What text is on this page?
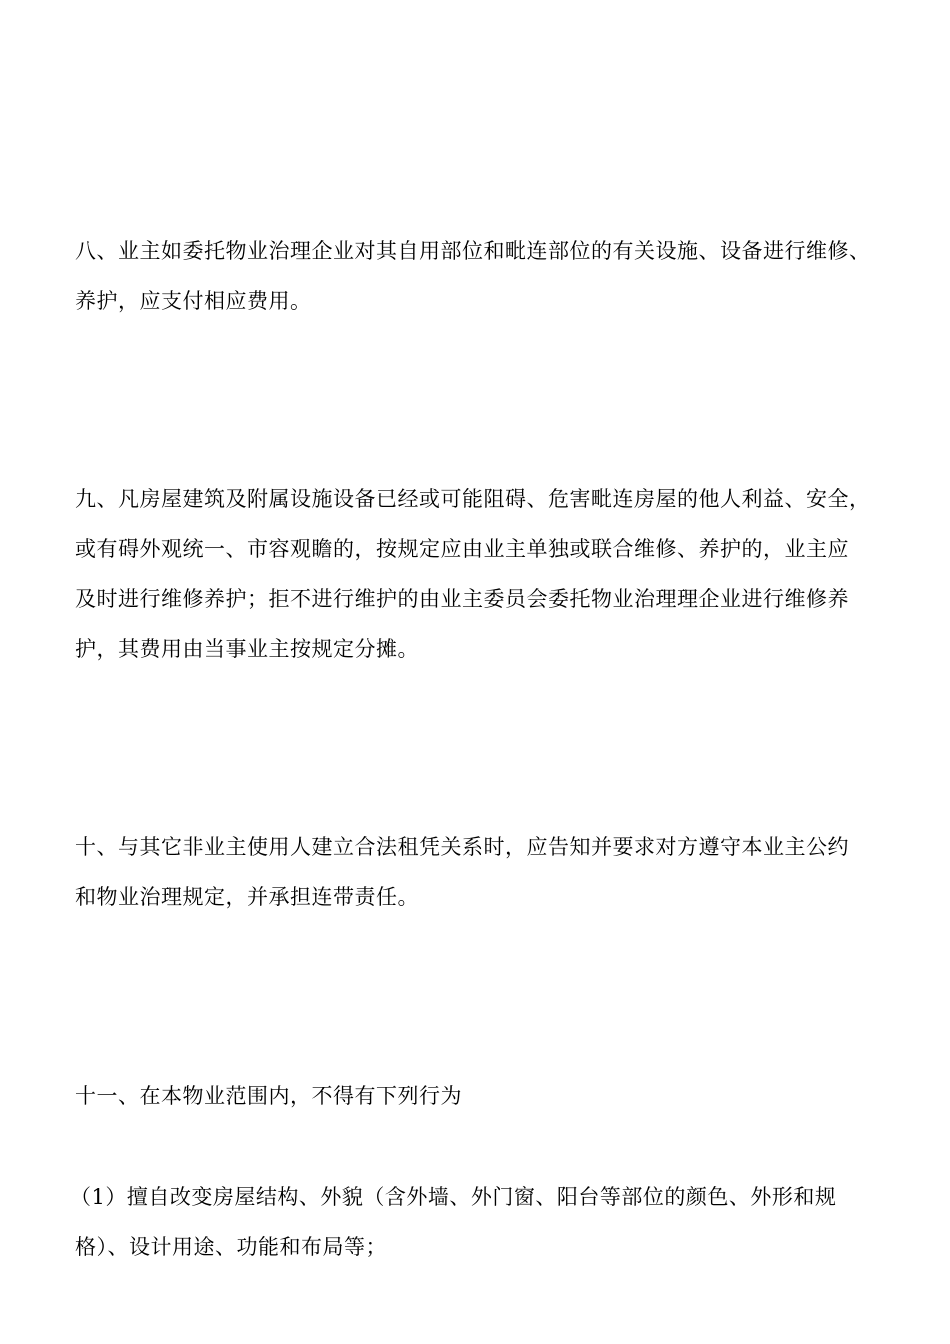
八、业主如委托物业治理企业对其自用部位和毗连部位的有关设施、设备进行维修、

养护，应支付相应费用。

九、凡房屋建筑及附属设施设备已经或可能阻碍、危害毗连房屋的他人利益、安全，

或有碍外观统一、市容观瞻的，按规定应由业主单独或联合维修、养护的，业主应

及时进行维修养护；拒不进行维护的由业主委员会委托物业治理理企业进行维修养

护，其费用由当事业主按规定分摊。

十、与其它非业主使用人建立合法租凭关系时，应告知并要求对方遵守本业主公约

和物业治理规定，并承担连带责任。

十一、在本物业范围内，不得有下列行为

（1）擅自改变房屋结构、外貌（含外墙、外门窗、阳台等部位的颜色、外形和规

格）、设计用途、功能和布局等；
